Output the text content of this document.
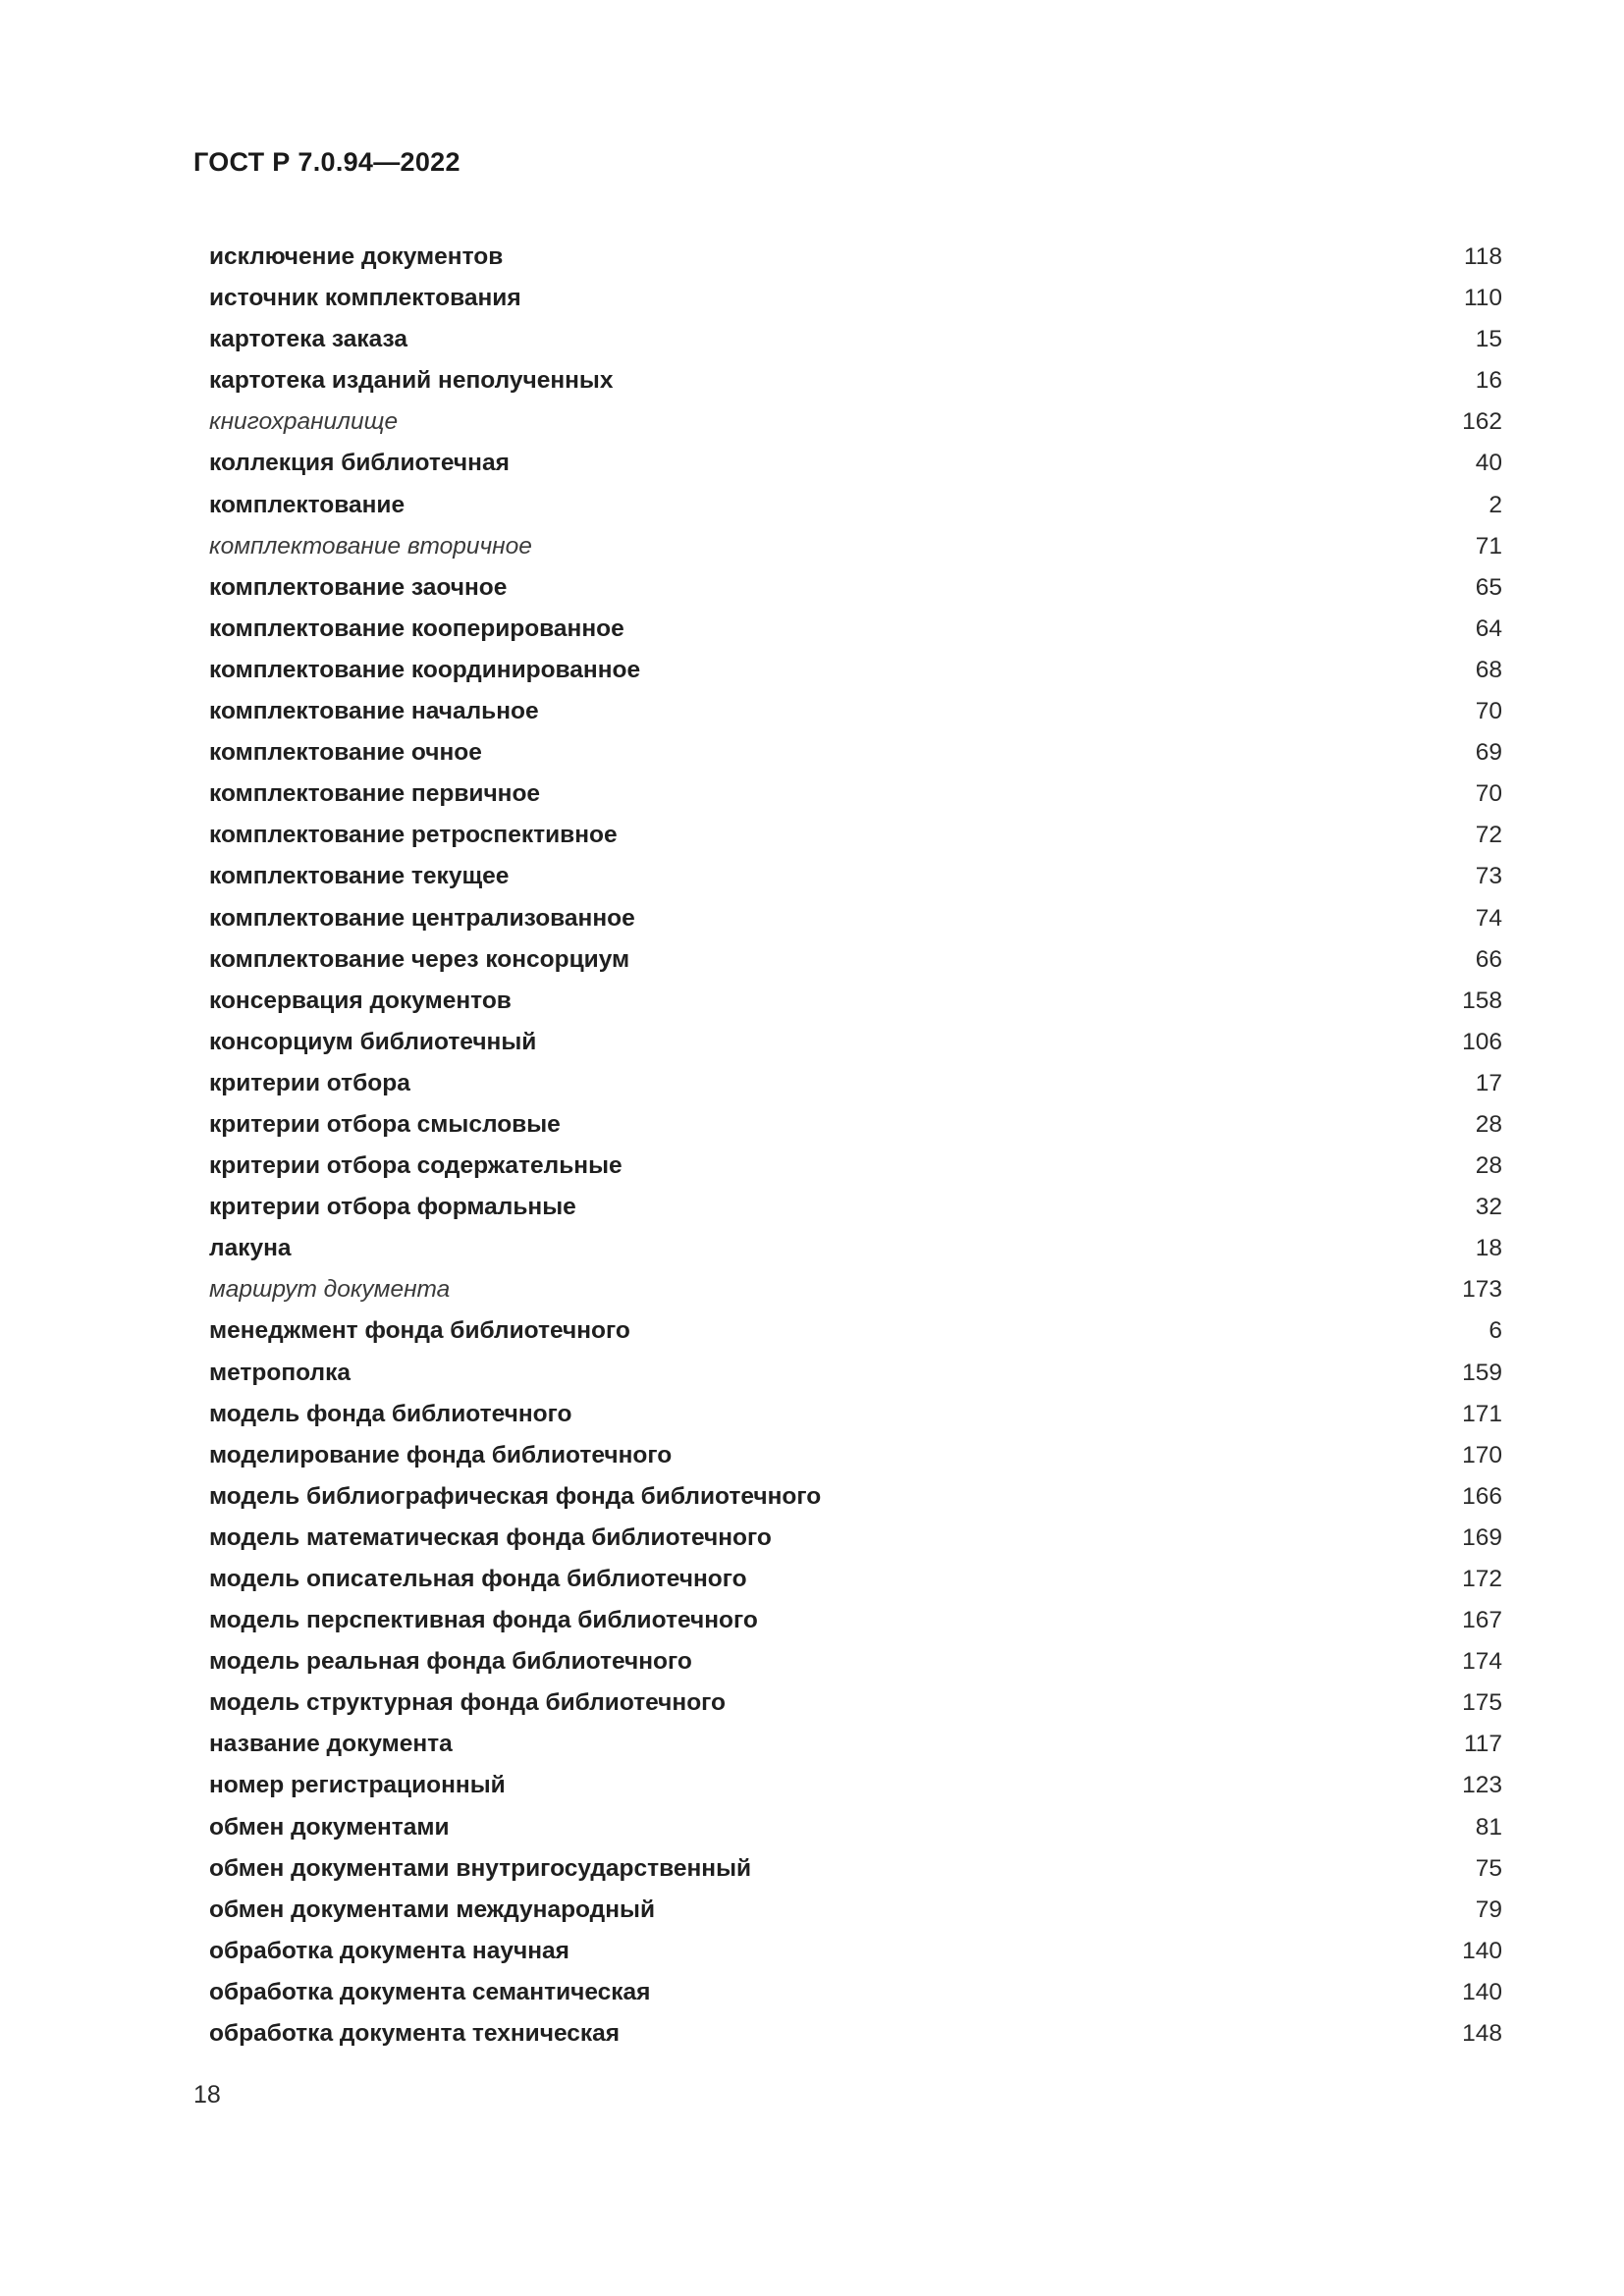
ГОСТ Р 7.0.94—2022
исключение документов	118
источник комплектования	110
картотека заказа	15
картотека изданий неполученных	16
книгохранилище	162
коллекция библиотечная	40
комплектование	2
комплектование вторичное	71
комплектование заочное	65
комплектование кооперированное	64
комплектование координированное	68
комплектование начальное	70
комплектование очное	69
комплектование первичное	70
комплектование ретроспективное	72
комплектование текущее	73
комплектование централизованное	74
комплектование через консорциум	66
консервация документов	158
консорциум библиотечный	106
критерии отбора	17
критерии отбора смысловые	28
критерии отбора содержательные	28
критерии отбора формальные	32
лакуна	18
маршрут документа	173
менеджмент фонда библиотечного	6
метрополка	159
модель фонда библиотечного	171
моделирование фонда библиотечного	170
модель библиографическая фонда библиотечного	166
модель математическая фонда библиотечного	169
модель описательная фонда библиотечного	172
модель перспективная фонда библиотечного	167
модель реальная фонда библиотечного	174
модель структурная фонда библиотечного	175
название документа	117
номер регистрационный	123
обмен документами	81
обмен документами внутригосударственный	75
обмен документами международный	79
обработка документа научная	140
обработка документа семантическая	140
обработка документа техническая	148
18
